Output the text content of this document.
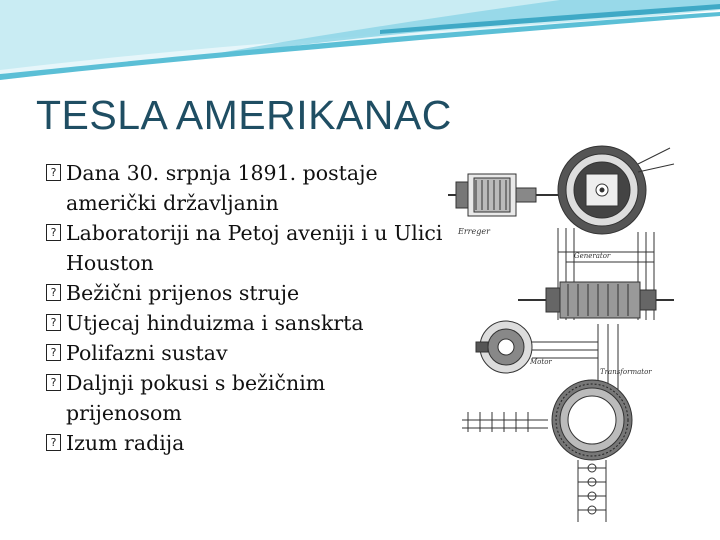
TESLA AMERIKANAC
? Dana 30. srpnja 1891. postaje američki državljanin
? Laboratoriji na Petoj aveniji i u Ulici Houston
? Bežični prijenos struje
? Utjecaj hinduizma i sanskrta
? Polifazni sustav
? Daljnji pokusi s bežičnim prijenosom
? Izum radija
Erreger
Generator
Motor
Transformator
